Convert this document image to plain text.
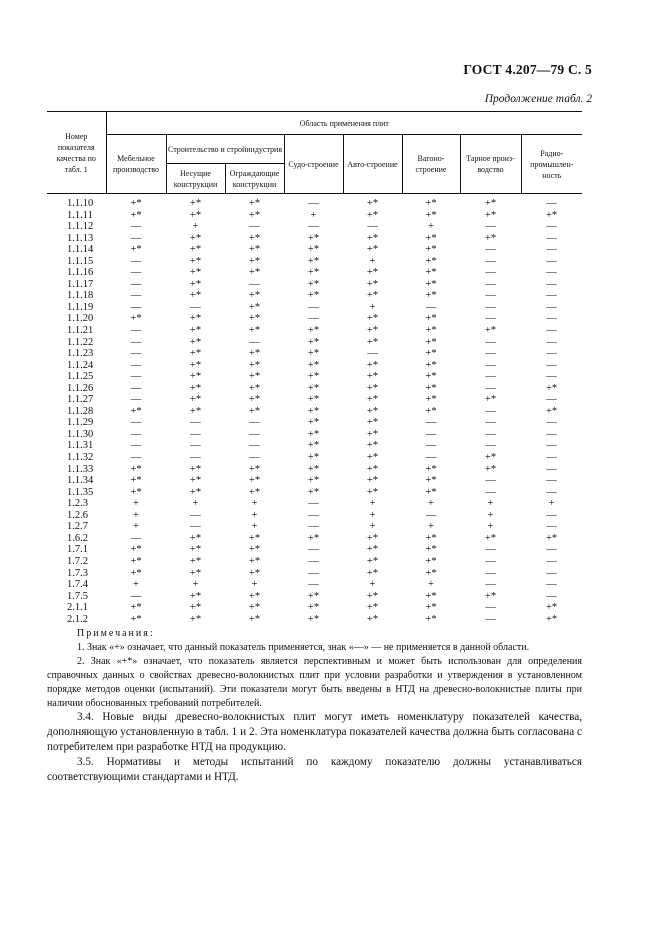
ГОСТ 4.207—79 С. 5
Продолжение табл. 2
Номер показателя качества по табл. 1	Область применения плит							
	Мебельное производство	Строительство и стройиндустрия		Судо-строение	Авто-строение	Вагоно-строение	Тарное произ-водство	Радио-промышлен-ность
		Несущие конструкции	Ограждающие конструкции					
1.1.10	+*	+*	+*	—	+*	+*	+*	—
1.1.11	+*	+*	+*	+	+*	+*	+*	+*
1.1.12	—	+	—	—	—	+	—	—
1.1.13	—	+*	+*	+*	+*	+*	+*	—
1.1.14	+*	+*	+*	+*	+*	+*	—	—
1.1.15	—	+*	+*	+*	+	+*	—	—
1.1.16	—	+*	+*	+*	+*	+*	—	—
1.1.17	—	+*	—	+*	+*	+*	—	—
1.1.18	—	+*	+*	+*	+*	+*	—	—
1.1.19	—	—	+*	—	+	—	—	—
1.1.20	+*	+*	+*	—	+*	+*	—	—
1.1.21	—	+*	+*	+*	+*	+*	+*	—
1.1.22	—	+*	—	+*	+*	+*	—	—
1.1.23	—	+*	+*	+*	—	+*	—	—
1.1.24	—	+*	+*	+*	+*	+*	—	—
1.1.25	—	+*	+*	+*	+*	+*	—	—
1.1.26	—	+*	+*	+*	+*	+*	—	+*
1.1.27	—	+*	+*	+*	+*	+*	+*	—
1.1.28	+*	+*	+*	+*	+*	+*	—	+*
1.1.29	—	—	—	+*	+*	—	—	—
1.1.30	—	—	—	+*	+*	—	—	—
1.1.31	—	—	—	+*	+*	—	—	—
1.1.32	—	—	—	+*	+*	—	+*	—
1.1.33	+*	+*	+*	+*	+*	+*	+*	—
1.1.34	+*	+*	+*	+*	+*	+*	—	—
1.1.35	+*	+*	+*	+*	+*	+*	—	—
1.2.3	+	+	+	—	+	+	+	+
1.2.6	+	—	+	—	+	—	+	—
1.2.7	+	—	+	—	+	+	+	—
1.6.2	—	+*	+*	+*	+*	+*	+*	+*
1.7.1	+*	+*	+*	—	+*	+*	—	—
1.7.2	+*	+*	+*	—	+*	+*	—	—
1.7.3	+*	+*	+*	—	+*	+*	—	—
1.7.4	+	+	+	—	+	+	—	—
1.7.5	—	+*	+*	+*	+*	+*	+*	—
2.1.1	+*	+*	+*	+*	+*	+*	—	+*
2.1.2	+*	+*	+*	+*	+*	+*	—	+*
Примечания:

1. Знак «+» означает, что данный показатель применяется, знак «—» — не применяется в данной области.

2. Знак «+*» означает, что показатель является перспективным и может быть использован для определения справочных данных о свойствах древесно-волокнистых плит при условии разработки и утверждения в установленном порядке методов оценки (испытаний). Эти показатели могут быть введены в НТД на древесно-волокнистые плиты при наличии обоснованных требований потребителей.

3.4. Новые виды древесно-волокнистых плит могут иметь номенклатуру показателей качества, дополняющую установленную в табл. 1 и 2. Эта номенклатура показателей качества должна быть согласована с потребителем при разработке НТД на продукцию.

3.5. Нормативы и методы испытаний по каждому показателю должны устанавливаться соответствующими стандартами и НТД.
